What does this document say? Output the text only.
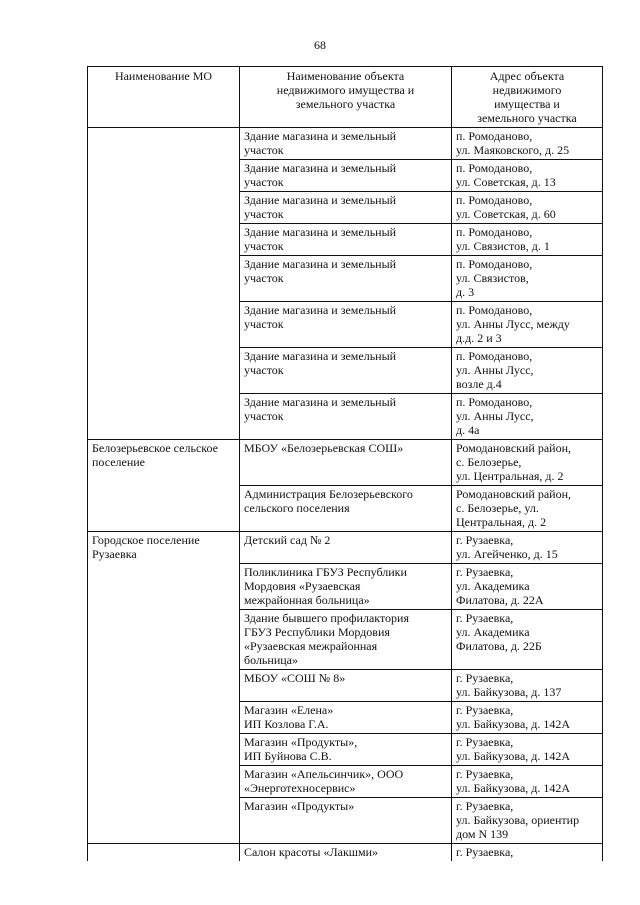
68
Наименование МО	Наименование объекта
недвижимого имущества и
земельного участка	Адрес объекта
недвижимого
имущества и
земельного участка

	Здание магазина и земельный
участок	п. Ромоданово,
ул. Маяковского, д. 25

	Здание магазина и земельный
участок	п. Ромоданово,
ул. Советская, д. 13

	Здание магазина и земельный
участок	п. Ромоданово,
ул. Советская, д. 60

	Здание магазина и земельный
участок	п. Ромоданово,
ул. Связистов, д. 1

	Здание магазина и земельный
участок	п. Ромоданово,
ул. Связистов,
д. 3

	Здание магазина и земельный
участок	п. Ромоданово,
ул. Анны Лусс, между
д.д. 2 и 3

	Здание магазина и земельный
участок	п. Ромоданово,
ул. Анны Лусс,
возле д.4

	Здание магазина и земельный
участок	п. Ромоданово,
ул. Анны Лусс,
д. 4а

Белозерьевское сельское
поселение	МБОУ «Белозерьевская СОШ»	Ромодановский район,
с. Белозерье,
ул. Центральная, д. 2

	Администрация Белозерьевского
сельского поселения	Ромодановский район,
с. Белозерье, ул.
Центральная, д. 2

Городское поселение
Рузаевка	Детский сад № 2	г. Рузаевка,
ул. Агейченко, д. 15

	Поликлиника ГБУЗ Республики
Мордовия «Рузаевская
межрайонная больница»	г. Рузаевка,
ул. Академика
Филатова, д. 22А

	Здание бывшего профилактория
ГБУЗ Республики Мордовия
«Рузаевская межрайонная
больница»	г. Рузаевка,
ул. Академика
Филатова, д. 22Б

	МБОУ «СОШ № 8»	г. Рузаевка,
ул. Байкузова, д. 137

	Магазин «Елена»
ИП Козлова Г.А.	г. Рузаевка,
ул. Байкузова, д. 142А

	Магазин «Продукты»,
ИП Буйнова С.В.	г. Рузаевка,
ул. Байкузова, д. 142А

	Магазин «Апельсинчик», ООО
«Энерготехносервис»	г. Рузаевка,
ул. Байкузова, д. 142А

	Магазин «Продукты»	г. Рузаевка,
ул. Байкузова, ориентир
дом N 139

	Салон красоты «Лакшми»	г. Рузаевка,
